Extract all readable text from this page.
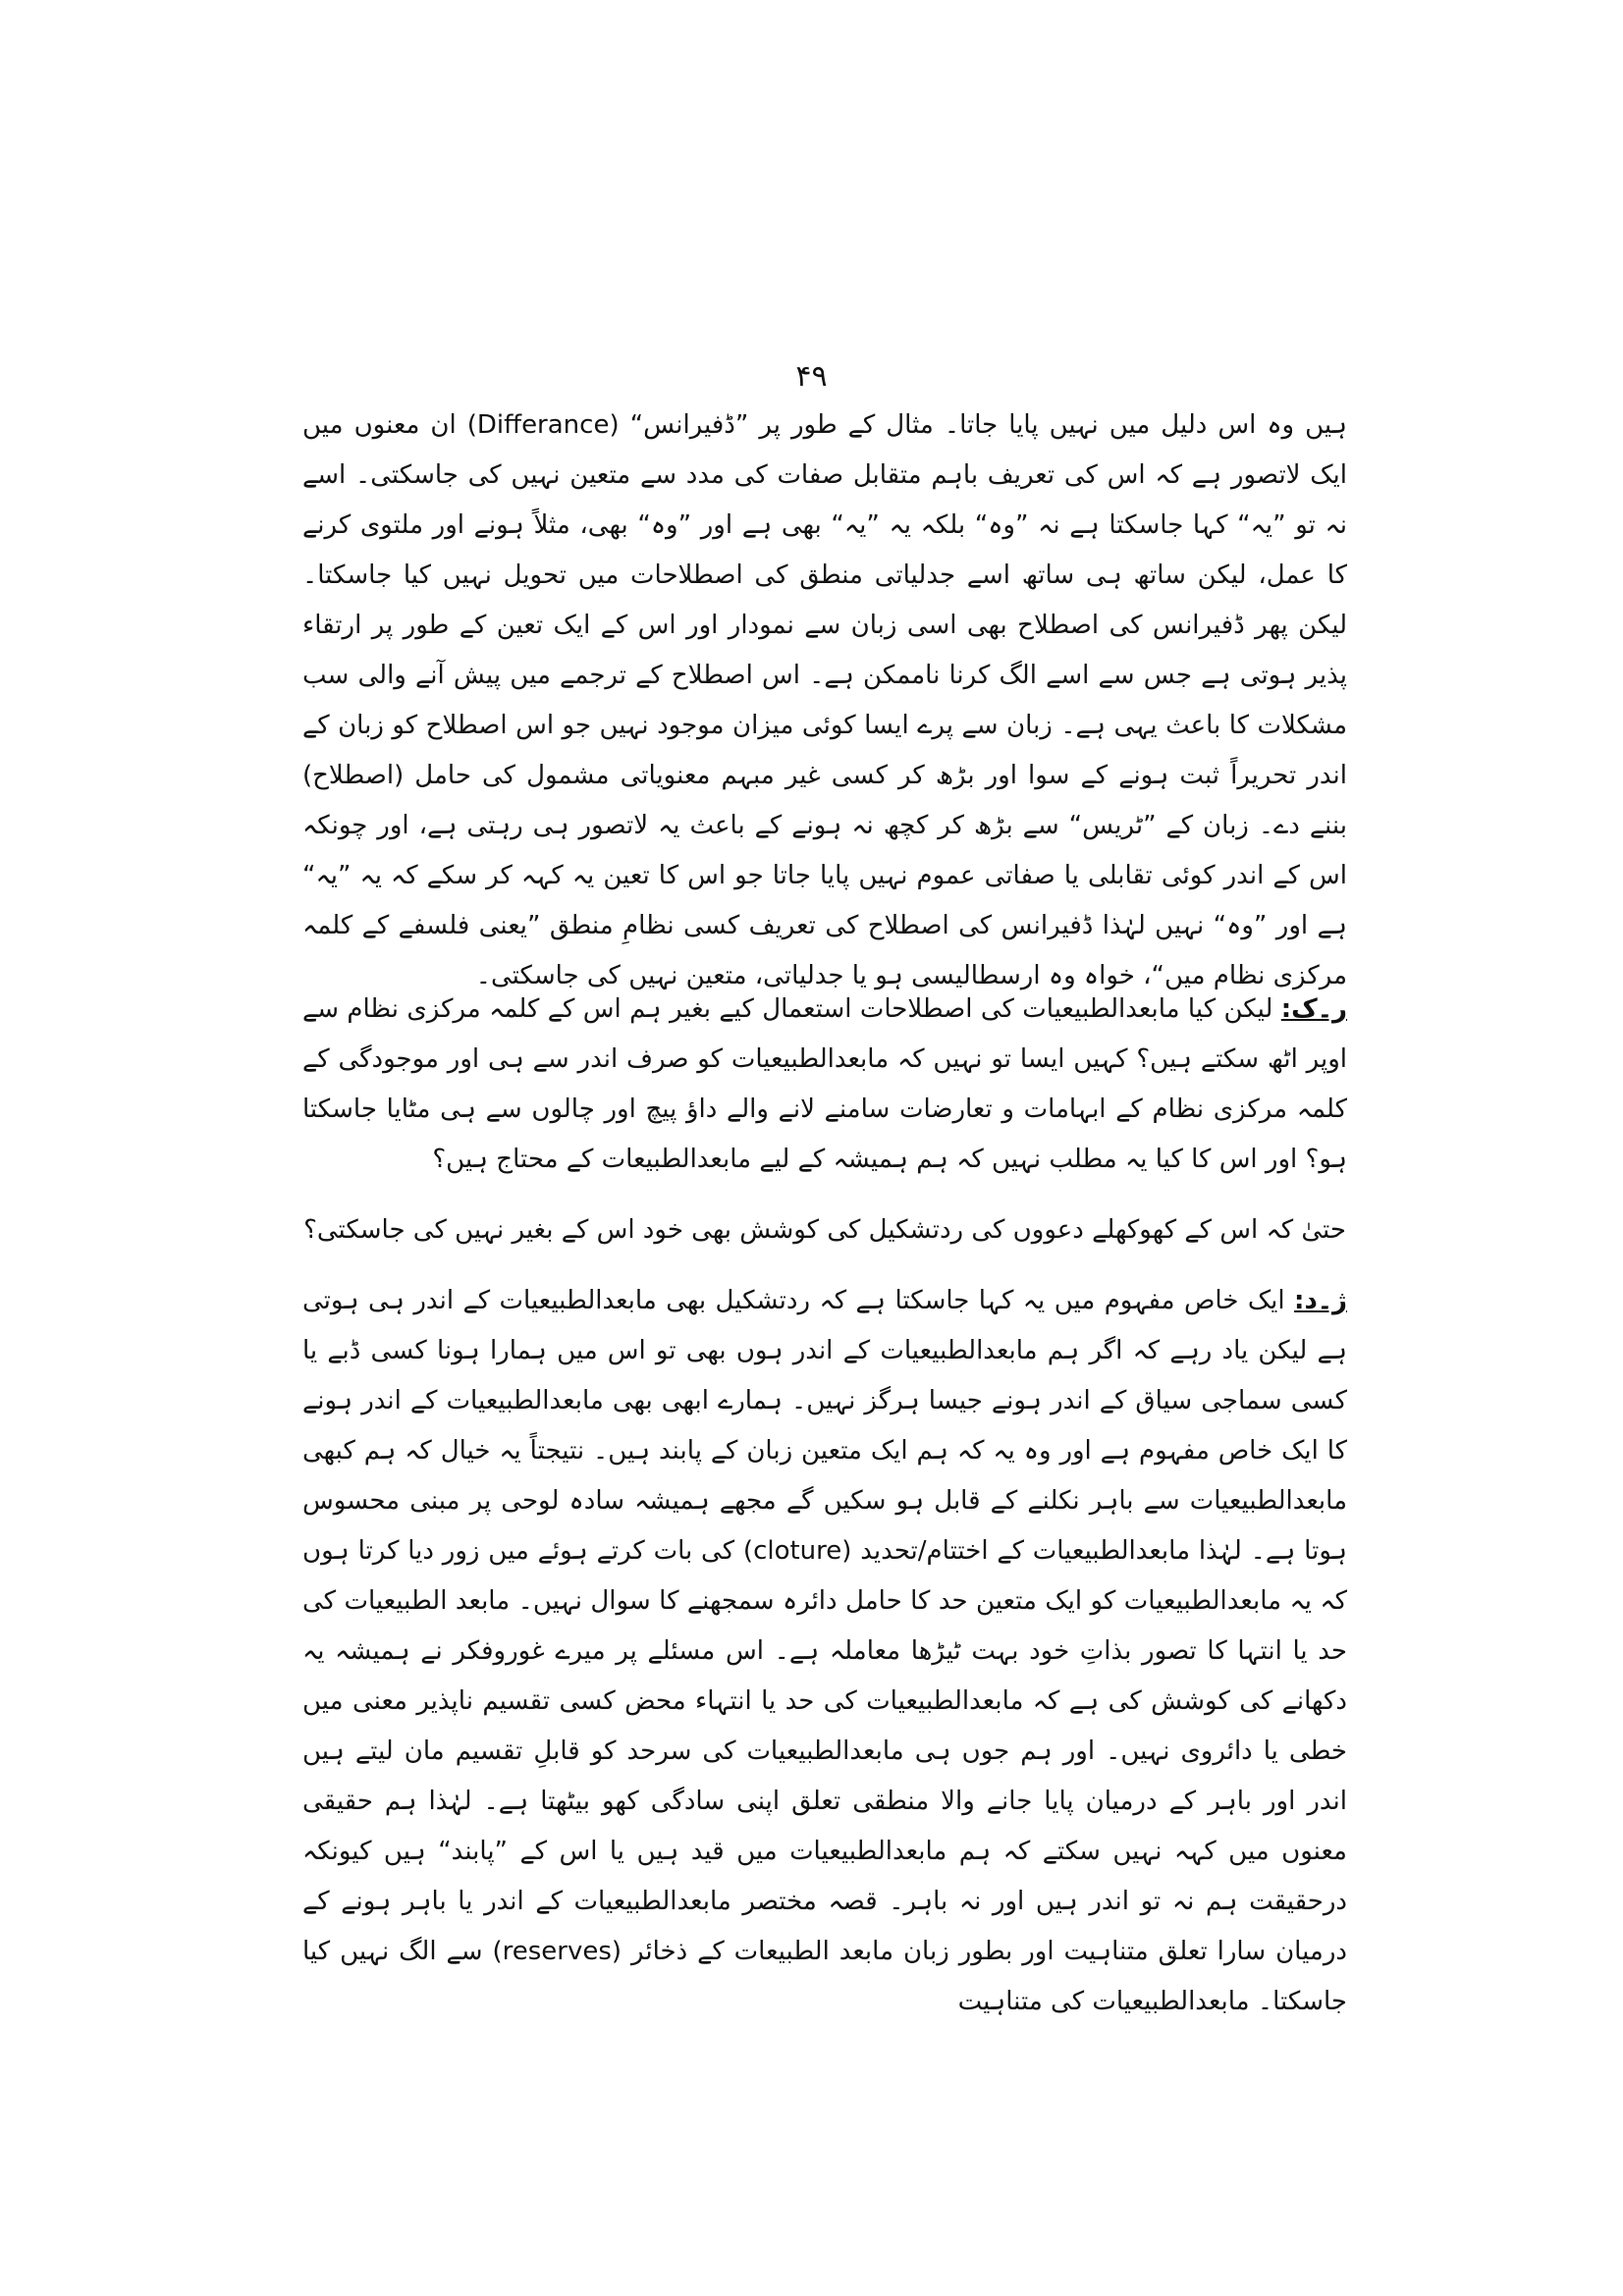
۴۹

ہیں وہ اس دلیل میں نہیں پایا جاتا۔ مثال کے طور پر ”ڈفیرانس“ (Differance) ان معنوں میں ایک لاتصور ہے کہ اس کی تعریف باہم متقابل صفات کی مدد سے متعین نہیں کی جاسکتی۔ اسے نہ تو ”یہ“ کہا جاسکتا ہے نہ ”وہ“ بلکہ یہ ”یہ“ بھی ہے اور ”وہ“ بھی، مثلاً ہونے اور ملتوی کرنے کا عمل، لیکن ساتھ ہی ساتھ اسے جدلیاتی منطق کی اصطلاحات میں تحویل نہیں کیا جاسکتا۔ لیکن پھر ڈفیرانس کی اصطلاح بھی اسی زبان سے نمودار اور اس کے ایک تعین کے طور پر ارتقاء پذیر ہوتی ہے جس سے اسے الگ کرنا ناممکن ہے۔ اس اصطلاح کے ترجمے میں پیش آنے والی سب مشکلات کا باعث یہی ہے۔ زبان سے پرے ایسا کوئی میزان موجود نہیں جو اس اصطلاح کو زبان کے اندر تحریراً ثبت ہونے کے سوا اور بڑھ کر کسی غیر مبہم معنویاتی مشمول کی حامل (اصطلاح) بننے دے۔ زبان کے ”ٹریس“ سے بڑھ کر کچھ نہ ہونے کے باعث یہ لاتصور ہی رہتی ہے، اور چونکہ اس کے اندر کوئی تقابلی یا صفاتی عموم نہیں پایا جاتا جو اس کا تعین یہ کہہ کر سکے کہ یہ ”یہ“ ہے اور ”وہ“ نہیں لہٰذا ڈفیرانس کی اصطلاح کی تعریف کسی نظامِ منطق ”یعنی فلسفے کے کلمہ مرکزی نظام میں“، خواہ وہ ارسطالیسی ہو یا جدلیاتی، متعین نہیں کی جاسکتی۔

ر۔ک: لیکن کیا مابعدالطبیعیات کی اصطلاحات استعمال کیے بغیر ہم اس کے کلمہ مرکزی نظام سے اوپر اٹھ سکتے ہیں؟ کہیں ایسا تو نہیں کہ مابعدالطبیعیات کو صرف اندر سے ہی اور موجودگی کے کلمہ مرکزی نظام کے ابہامات و تعارضات سامنے لانے والے داؤ پیچ اور چالوں سے ہی مٹایا جاسکتا ہو؟ اور اس کا کیا یہ مطلب نہیں کہ ہم ہمیشہ کے لیے مابعدالطبیعات کے محتاج ہیں؟

حتیٰ کہ اس کے کھوکھلے دعووں کی ردتشکیل کی کوشش بھی خود اس کے بغیر نہیں کی جاسکتی؟

ژ۔د: ایک خاص مفہوم میں یہ کہا جاسکتا ہے کہ ردتشکیل بھی مابعدالطبیعیات کے اندر ہی ہوتی ہے لیکن یاد رہے کہ اگر ہم مابعدالطبیعیات کے اندر ہوں بھی تو اس میں ہمارا ہونا کسی ڈبے یا کسی سماجی سیاق کے اندر ہونے جیسا ہرگز نہیں۔ ہمارے ابھی بھی مابعدالطبیعیات کے اندر ہونے کا ایک خاص مفہوم ہے اور وہ یہ کہ ہم ایک متعین زبان کے پابند ہیں۔ نتیجتاً یہ خیال کہ ہم کبھی مابعدالطبیعیات سے باہر نکلنے کے قابل ہو سکیں گے مجھے ہمیشہ سادہ لوحی پر مبنی محسوس ہوتا ہے۔ لہٰذا مابعدالطبیعیات کے اختتام/تحدید (cloture) کی بات کرتے ہوئے میں زور دیا کرتا ہوں کہ یہ مابعدالطبیعیات کو ایک متعین حد کا حامل دائرہ سمجھنے کا سوال نہیں۔ مابعد الطبیعیات کی حد یا انتہا کا تصور بذاتِ خود بہت ٹیڑھا معاملہ ہے۔ اس مسئلے پر میرے غوروفکر نے ہمیشہ یہ دکھانے کی کوشش کی ہے کہ مابعدالطبیعیات کی حد یا انتہاء محض کسی تقسیم ناپذیر معنی میں خطی یا دائروی نہیں۔ اور ہم جوں ہی مابعدالطبیعیات کی سرحد کو قابلِ تقسیم مان لیتے ہیں اندر اور باہر کے درمیان پایا جانے والا منطقی تعلق اپنی سادگی کھو بیٹھتا ہے۔ لہٰذا ہم حقیقی معنوں میں کہہ نہیں سکتے کہ ہم مابعدالطبیعیات میں قید ہیں یا اس کے ”پابند“ ہیں کیونکہ درحقیقت ہم نہ تو اندر ہیں اور نہ باہر۔ قصہ مختصر مابعدالطبیعیات کے اندر یا باہر ہونے کے درمیان سارا تعلق متناہیت اور بطور زبان مابعد الطبیعات کے ذخائر (reserves) سے الگ نہیں کیا جاسکتا۔ مابعدالطبیعیات کی متناہیت
